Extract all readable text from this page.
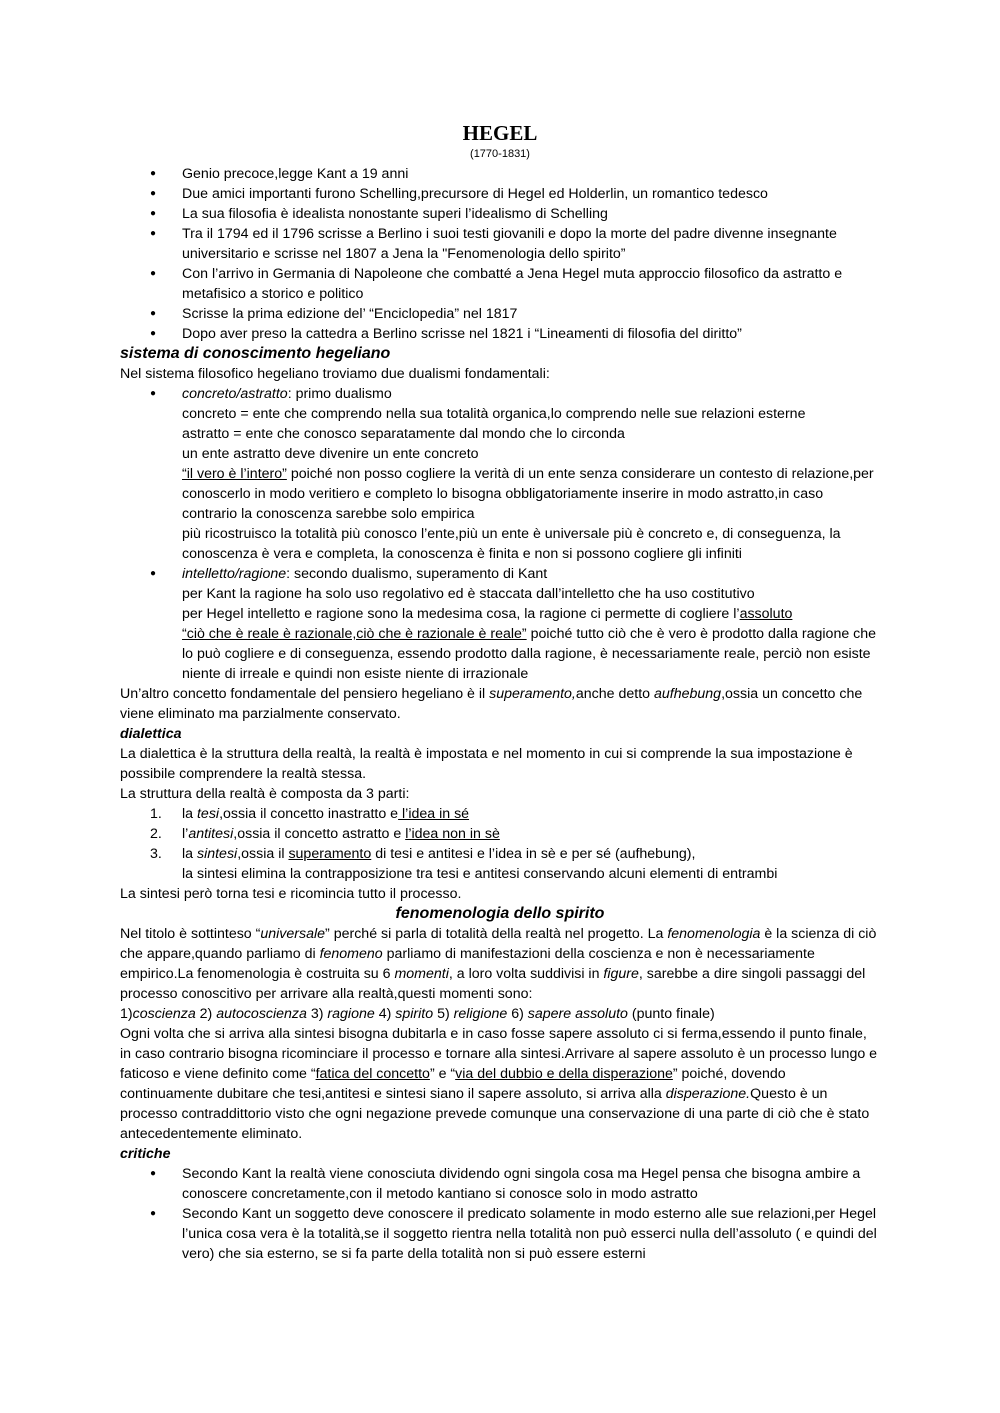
HEGEL

(1770-1831)

● Genio precoce,legge Kant a 19 anni
● Due amici importanti furono Schelling,precursore di Hegel ed Holderlin, un romantico tedesco
● La sua filosofia è idealista nonostante superi l’idealismo di Schelling
● Tra il 1794 ed il 1796 scrisse a Berlino i suoi testi giovanili e dopo la morte del padre divenne insegnante universitario e scrisse nel 1807 a Jena la "Fenomenologia dello spirito”
● Con l’arrivo in Germania di Napoleone che combatté a Jena Hegel muta approccio filosofico da astratto e metafisico a storico e politico
● Scrisse la prima edizione del’ “Enciclopedia” nel 1817
● Dopo aver preso la cattedra a Berlino scrisse nel 1821 i “Lineamenti di filosofia del diritto”
sistema di conoscimento hegeliano

Nel sistema filosofico hegeliano troviamo due dualismi fondamentali:

● concreto/astratto: primo dualismo

concreto = ente che comprendo nella sua totalità organica,lo comprendo nelle sue relazioni esterne

astratto = ente che conosco separatamente dal mondo che lo circonda

un ente astratto deve divenire un ente concreto

“il vero è l’intero” poiché non posso cogliere la verità di un ente senza considerare un contesto di relazione,per conoscerlo in modo veritiero e completo lo bisogna obbligatoriamente inserire in modo astratto,in caso contrario la conoscenza sarebbe solo empirica

più ricostruisco la totalità più conosco l’ente,più un ente è universale più è concreto e, di conseguenza, la conoscenza è vera e completa, la conoscenza è finita e non si possono cogliere gli infiniti

● intelletto/ragione: secondo dualismo, superamento di Kant

per Kant la ragione ha solo uso regolativo ed è staccata dall’intelletto che ha uso costitutivo

per Hegel intelletto e ragione sono la medesima cosa, la ragione ci permette di cogliere l’assoluto

“ciò che è reale è razionale,ciò che è razionale è reale” poiché tutto ciò che è vero è prodotto dalla ragione che lo può cogliere e di conseguenza, essendo prodotto dalla ragione, è necessariamente reale, perciò non esiste niente di irreale e quindi non esiste niente di irrazionale

Un’altro concetto fondamentale del pensiero hegeliano è il superamento,anche detto aufhebung,ossia un concetto che viene eliminato ma parzialmente conservato.

dialettica

La dialettica è la struttura della realtà, la realtà è impostata e nel momento in cui si comprende la sua impostazione è possibile comprendere la realtà stessa.

La struttura della realtà è composta da 3 parti:

1. la tesi,ossia il concetto inastratto e l’idea in sé
2. l’antitesi,ossia il concetto astratto e l’idea non in sè
3. la sintesi,ossia il superamento di tesi e antitesi e l’idea in sè e per sé (aufhebung),
la sintesi elimina la contrapposizione tra tesi e antitesi conservando alcuni elementi di entrambi

La sintesi però torna tesi e ricomincia tutto il processo.

fenomenologia dello spirito

Nel titolo è sottinteso “universale” perché si parla di totalità della realtà nel progetto. La fenomenologia è la scienza di ciò che appare,quando parliamo di fenomeno parliamo di manifestazioni della coscienza e non è necessariamente empirico.La fenomenologia è costruita su 6 momenti, a loro volta suddivisi in figure, sarebbe a dire singoli passaggi del processo conoscitivo per arrivare alla realtà,questi momenti sono:

1)coscienza 2) autocoscienza 3) ragione 4) spirito 5) religione 6) sapere assoluto (punto finale)

Ogni volta che si arriva alla sintesi bisogna dubitarla e in caso fosse sapere assoluto ci si ferma,essendo il punto finale, in caso contrario bisogna ricominciare il processo e tornare alla sintesi.Arrivare al sapere assoluto è un processo lungo e faticoso e viene definito come “fatica del concetto” e “via del dubbio e della disperazione” poiché, dovendo continuamente dubitare che tesi,antitesi e sintesi siano il sapere assoluto, si arriva alla disperazione.Questo è un processo contraddittorio visto che ogni negazione prevede comunque una conservazione di una parte di ciò che è stato antecedentemente eliminato.

critiche
● Secondo Kant la realtà viene conosciuta dividendo ogni singola cosa ma Hegel pensa che bisogna ambire a conoscere concretamente,con il metodo kantiano si conosce solo in modo astratto
● Secondo Kant un soggetto deve conoscere il predicato solamente in modo esterno alle sue relazioni,per Hegel l’unica cosa vera è la totalità,se il soggetto rientra nella totalità non può esserci nulla dell’assoluto ( e quindi del vero) che sia esterno, se si fa parte della totalità non si può essere esterni
